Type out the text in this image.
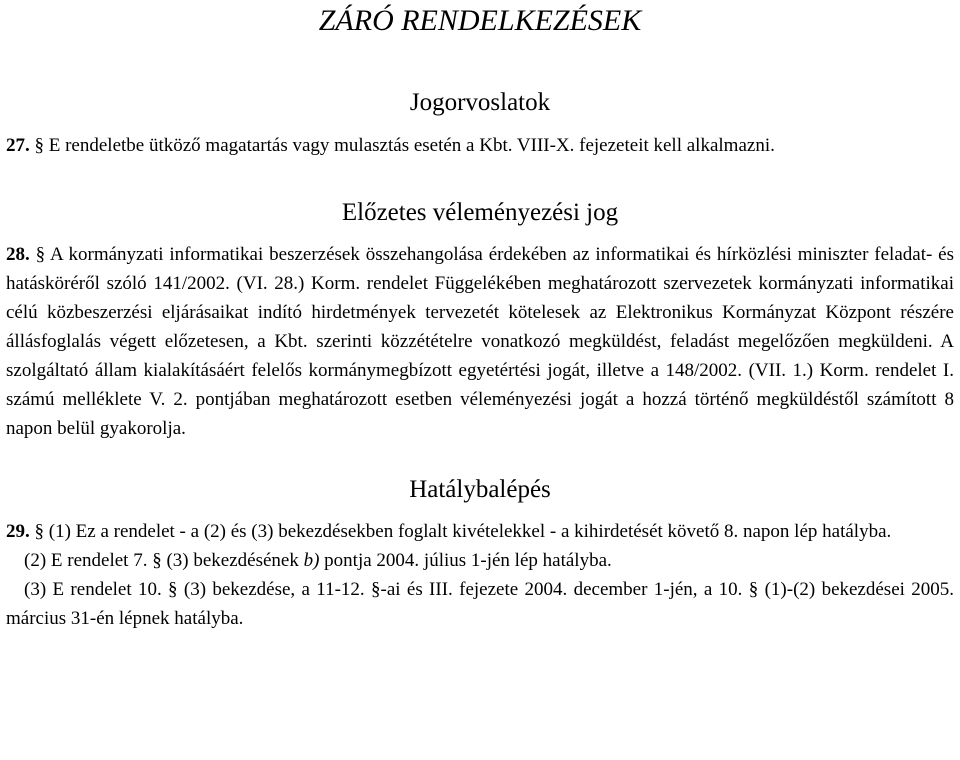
ZÁRÓ RENDELKEZÉSEK
Jogorvoslatok

27. § E rendeletbe ütköző magatartás vagy mulasztás esetén a Kbt. VIII-X. fejezeteit kell alkalmazni.

Előzetes véleményezési jog

28. § A kormányzati informatikai beszerzések összehangolása érdekében az informatikai és hírközlési miniszter feladat- és hatásköréről szóló 141/2002. (VI. 28.) Korm. rendelet Függelékében meghatározott szervezetek kormányzati informatikai célú közbeszerzési eljárásaikat indító hirdetmények tervezetét kötelesek az Elektronikus Kormányzat Központ részére állásfoglalás végett előzetesen, a Kbt. szerinti közzétételre vonatkozó megküldést, feladást megelőzően megküldeni. A szolgáltató állam kialakításáért felelős kormánymegbízott egyetértési jogát, illetve a 148/2002. (VII. 1.) Korm. rendelet I. számú melléklete V. 2. pontjában meghatározott esetben véleményezési jogát a hozzá történő megküldéstől számított 8 napon belül gyakorolja.

Hatálybalépés

29. § (1) Ez a rendelet - a (2) és (3) bekezdésekben foglalt kivételekkel - a kihirdetését követő 8. napon lép hatályba.

(2) E rendelet 7. § (3) bekezdésének b) pontja 2004. július 1-jén lép hatályba.

(3) E rendelet 10. § (3) bekezdése, a 11-12. §-ai és III. fejezete 2004. december 1-jén, a 10. § (1)-(2) bekezdései 2005. március 31-én lépnek hatályba.
